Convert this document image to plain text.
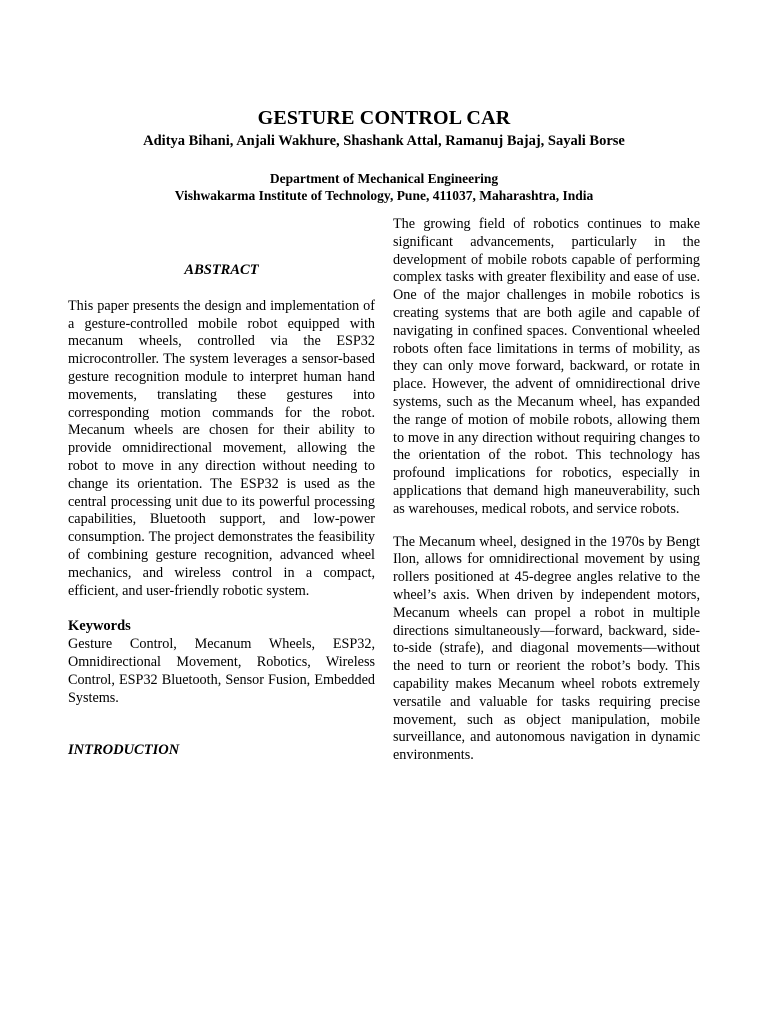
GESTURE CONTROL CAR

Aditya Bihani, Anjali Wakhure, Shashank Attal, Ramanuj Bajaj, Sayali Borse

Department of Mechanical Engineering

Vishwakarma Institute of Technology, Pune, 411037, Maharashtra, India

ABSTRACT

This paper presents the design and implementation of a gesture-controlled mobile robot equipped with mecanum wheels, controlled via the ESP32 microcontroller. The system leverages a sensor-based gesture recognition module to interpret human hand movements, translating these gestures into corresponding motion commands for the robot. Mecanum wheels are chosen for their ability to provide omnidirectional movement, allowing the robot to move in any direction without needing to change its orientation. The ESP32 is used as the central processing unit due to its powerful processing capabilities, Bluetooth support, and low-power consumption. The project demonstrates the feasibility of combining gesture recognition, advanced wheel mechanics, and wireless control in a compact, efficient, and user-friendly robotic system.

Keywords

Gesture Control, Mecanum Wheels, ESP32, Omnidirectional Movement, Robotics, Wireless Control, ESP32 Bluetooth, Sensor Fusion, Embedded Systems.

INTRODUCTION

The growing field of robotics continues to make significant advancements, particularly in the development of mobile robots capable of performing complex tasks with greater flexibility and ease of use. One of the major challenges in mobile robotics is creating systems that are both agile and capable of navigating in confined spaces. Conventional wheeled robots often face limitations in terms of mobility, as they can only move forward, backward, or rotate in place. However, the advent of omnidirectional drive systems, such as the Mecanum wheel, has expanded the range of motion of mobile robots, allowing them to move in any direction without requiring changes to the orientation of the robot. This technology has profound implications for robotics, especially in applications that demand high maneuverability, such as warehouses, medical robots, and service robots.

The Mecanum wheel, designed in the 1970s by Bengt Ilon, allows for omnidirectional movement by using rollers positioned at 45-degree angles relative to the wheel’s axis. When driven by independent motors, Mecanum wheels can propel a robot in multiple directions simultaneously—forward, backward, side-to-side (strafe), and diagonal movements—without the need to turn or reorient the robot’s body. This capability makes Mecanum wheel robots extremely versatile and valuable for tasks requiring precise movement, such as object manipulation, mobile surveillance, and autonomous navigation in dynamic environments.
